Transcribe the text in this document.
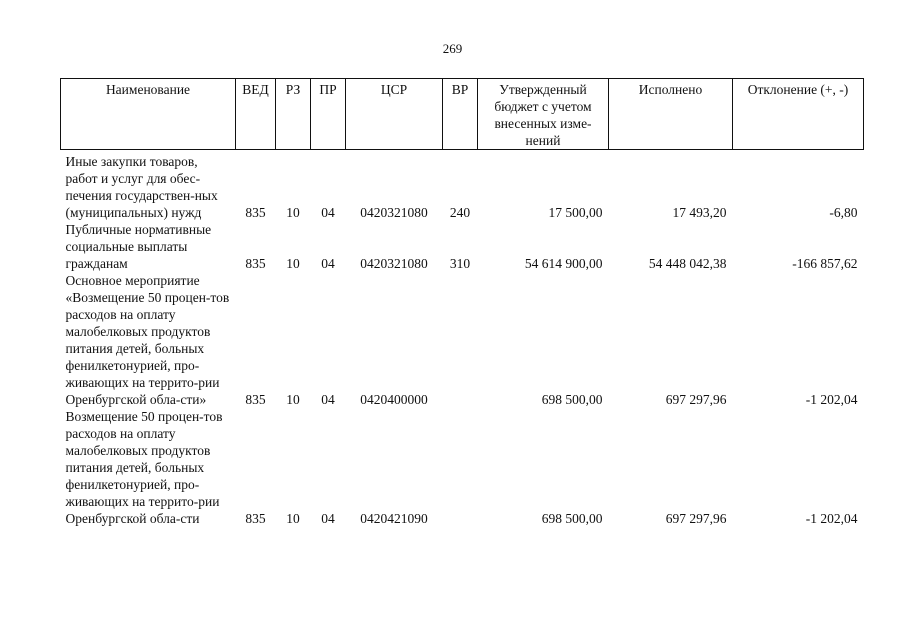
269
Наименование	ВЕД	РЗ	ПР	ЦСР	ВР	Утвержденный бюджет с учетом внесенных изме-нений	Исполнено	Отклонение (+, -)

Иные закупки товаров, работ и услуг для обес-печения государствен-ных (муниципальных) нужд	835	10	04	0420321080	240	17 500,00	17 493,20	-6,80
Публичные нормативные социальные выплаты гражданам	835	10	04	0420321080	310	54 614 900,00	54 448 042,38	-166 857,62
Основное мероприятие «Возмещение 50 процен-тов расходов на оплату малобелковых продуктов питания детей, больных фенилкетонурией, про-живающих на террито-рии Оренбургской обла-сти»	835	10	04	0420400000		698 500,00	697 297,96	-1 202,04
Возмещение 50 процен-тов расходов на оплату малобелковых продуктов питания детей, больных фенилкетонурией, про-живающих на террито-рии Оренбургской обла-сти	835	10	04	0420421090		698 500,00	697 297,96	-1 202,04
